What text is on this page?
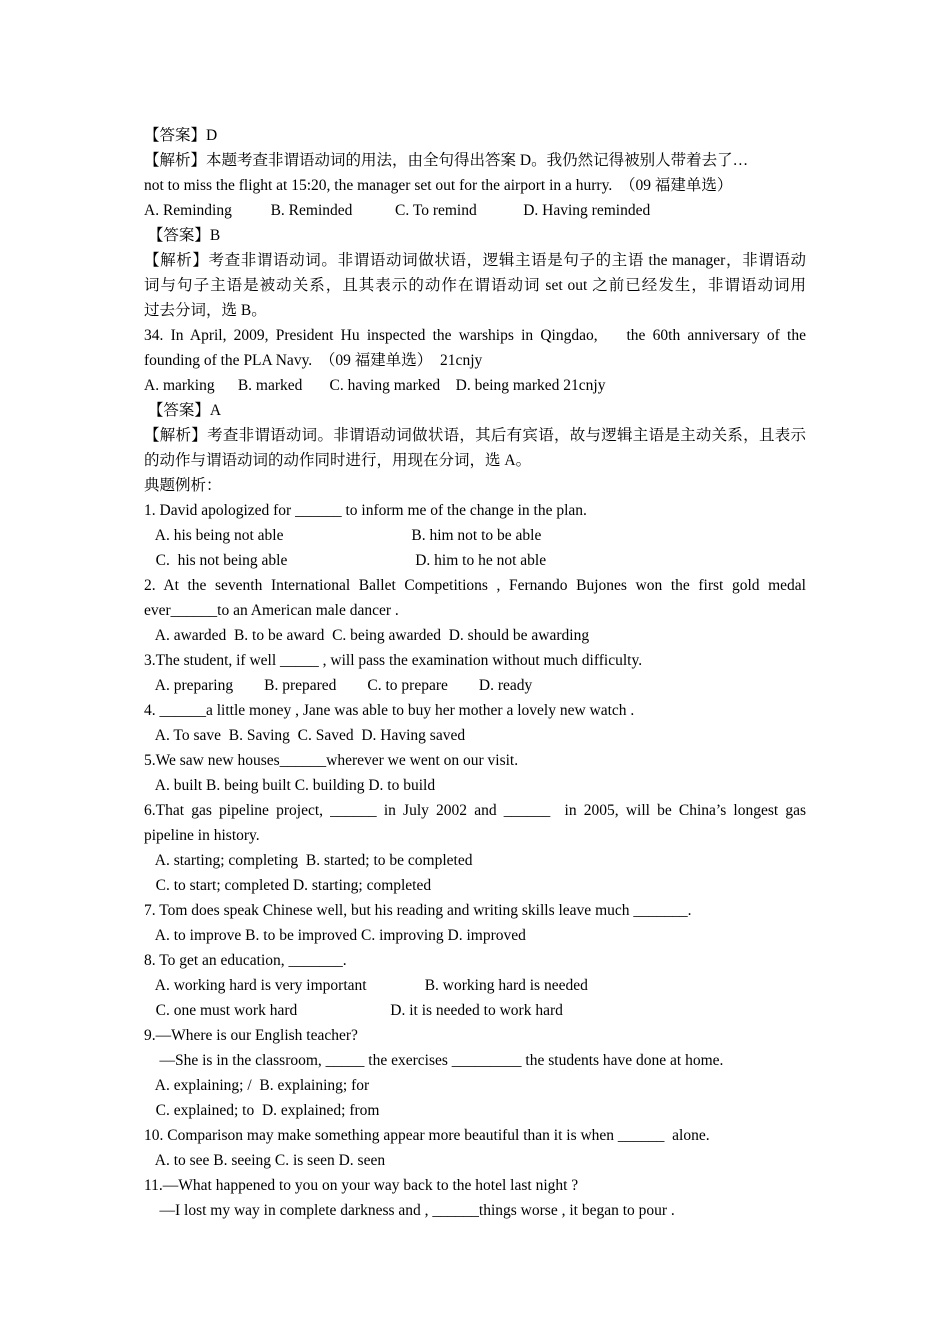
【答案】D
【解析】本题考查非谓语动词的用法，由全句得出答案 D。我仍然记得被别人带着去了…
not to miss the flight at 15:20, the manager set out for the airport in a hurry.  （09 福建单选）
A. Reminding          B. Reminded           C. To remind            D. Having reminded
【答案】B
【解析】考查非谓语动词。非谓语动词做状语，逻辑主语是句子的主语 the manager，非谓语动
词与句子主语是被动关系，且其表示的动作在谓语动词 set out 之前已经发生，非谓语动词用
过去分词，选 B。
34. In April, 2009, President Hu inspected the warships in Qingdao,    the 60th anniversary of the
founding of the PLA Navy.  （09 福建单选）  21cnjy
A. marking      B. marked       C. having marked    D. being marked 21cnjy
【答案】A
【解析】考查非谓语动词。非谓语动词做状语，其后有宾语，故与逻辑主语是主动关系，且表示
的动作与谓语动词的动作同时进行，用现在分词，选 A。
典题例析：
1. David apologized for ______ to inform me of the change in the plan.
A. his being not able                                 B. him not to be able
C.  his not being able                                 D. him to he not able
2. At the seventh International Ballet Competitions , Fernando Bujones won the first gold medal
ever______to an American male dancer .
A. awarded  B. to be award  C. being awarded  D. should be awarding
3.The student, if well _____ , will pass the examination without much difficulty.
A. preparing        B. prepared        C. to prepare        D. ready
4. ______a little money , Jane was able to buy her mother a lovely new watch .
A. To save  B. Saving  C. Saved  D. Having saved
5.We saw new houses______wherever we went on our visit.
A. built B. being built C. building D. to build
6.That gas pipeline project, ______ in July 2002 and ______  in 2005, will be China’s longest gas
pipeline in history.
A. starting; completing  B. started; to be completed
C. to start; completed D. starting; completed
7. Tom does speak Chinese well, but his reading and writing skills leave much _______.
A. to improve B. to be improved C. improving D. improved
8. To get an education, _______.
A. working hard is very important               B. working hard is needed
C. one must work hard                        D. it is needed to work hard
9.—Where is our English teacher?
—She is in the classroom, _____ the exercises _________ the students have done at home.
A. explaining; /  B. explaining; for
C. explained; to  D. explained; from
10. Comparison may make something appear more beautiful than it is when ______  alone.
A. to see B. seeing C. is seen D. seen
11.—What happened to you on your way back to the hotel last night ?
—I lost my way in complete darkness and , ______things worse , it began to pour .
